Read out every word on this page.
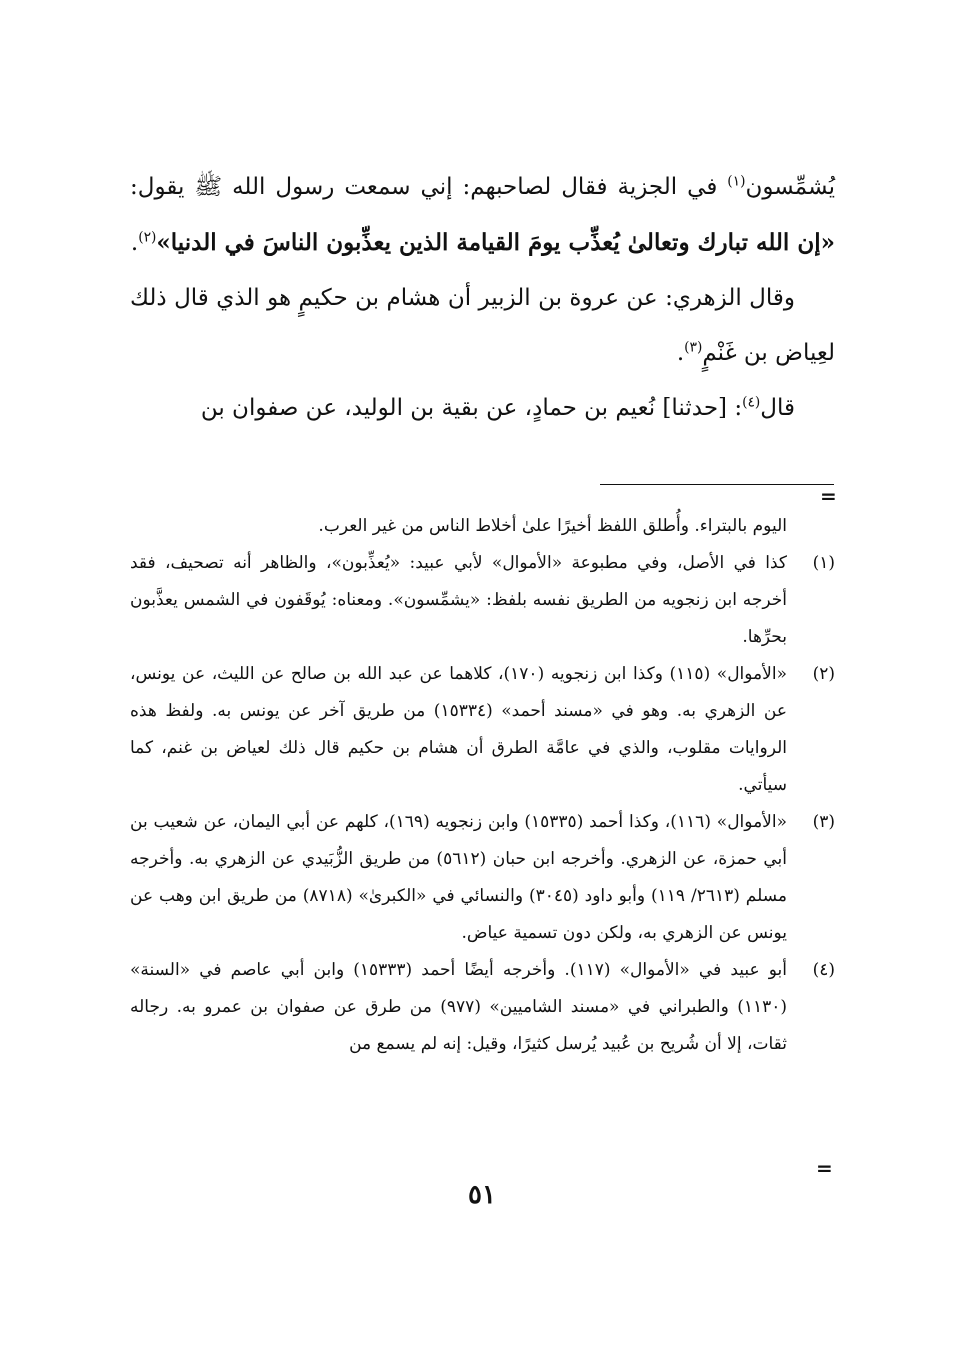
يُشمِّسون$^{(١)}$ في الجزية فقال لصاحبهم: إني سمعت رسول الله ﷺ يقول: «إن الله تبارك وتعالىٰ يُعذِّب يومَ القيامة الذين يعذِّبون الناسَ في الدنيا»$^{(٢)}$.

وقال الزهري: عن عروة بن الزبير أن هشام بن حكيمٍ هو الذي قال ذلك لعِياض بن غَنْمٍ$^{(٣)}$.

قال$^{(٤)}$: [حدثنا] نُعيم بن حمادٍ، عن بقية بن الوليد، عن صفوان بن

=

اليوم بالبتراء. وأُطلق اللفظ أخيرًا علىٰ أخلاط الناس من غير العرب.

(١)
كذا في الأصل، وفي مطبوعة «الأموال» لأبي عبيد: «يُعذِّبون»، والظاهر أنه تصحيف، فقد أخرجه ابن زنجويه من الطريق نفسه بلفظ: «يشمِّسون». ومعناه: يُوقَفون في الشمس يعذَّبون بحرِّها.
(٢)
«الأموال» (١١٥) وكذا ابن زنجويه (١٧٠)، كلاهما عن عبد الله بن صالح عن الليث، عن يونس، عن الزهري به. وهو في «مسند أحمد» (١٥٣٣٤) من طريق آخر عن يونس به. ولفظ هذه الروايات مقلوب، والذي في عامَّة الطرق أن هشام بن حكيم قال ذلك لعياض بن غنم، كما سيأتي.
(٣)
«الأموال» (١١٦)، وكذا أحمد (١٥٣٣٥) وابن زنجويه (١٦٩)، كلهم عن أبي اليمان، عن شعيب بن أبي حمزة، عن الزهري. وأخرجه ابن حبان (٥٦١٢) من طريق الزُّبَيدي عن الزهري به. وأخرجه مسلم (٢٦١٣/ ١١٩) وأبو داود (٣٠٤٥) والنسائي في «الكبرىٰ» (٨٧١٨) من طريق ابن وهب عن يونس عن الزهري به، ولكن دون تسمية عياض.
(٤)
أبو عبيد في «الأموال» (١١٧). وأخرجه أيضًا أحمد (١٥٣٣٣) وابن أبي عاصم في «السنة» (١١٣٠) والطبراني في «مسند الشاميين» (٩٧٧) من طرق عن صفوان بن عمرو به. رجاله ثقات، إلا أن شُريح بن عُبيد يُرسل كثيرًا، وقيل: إنه لم يسمع من
=
٥١
